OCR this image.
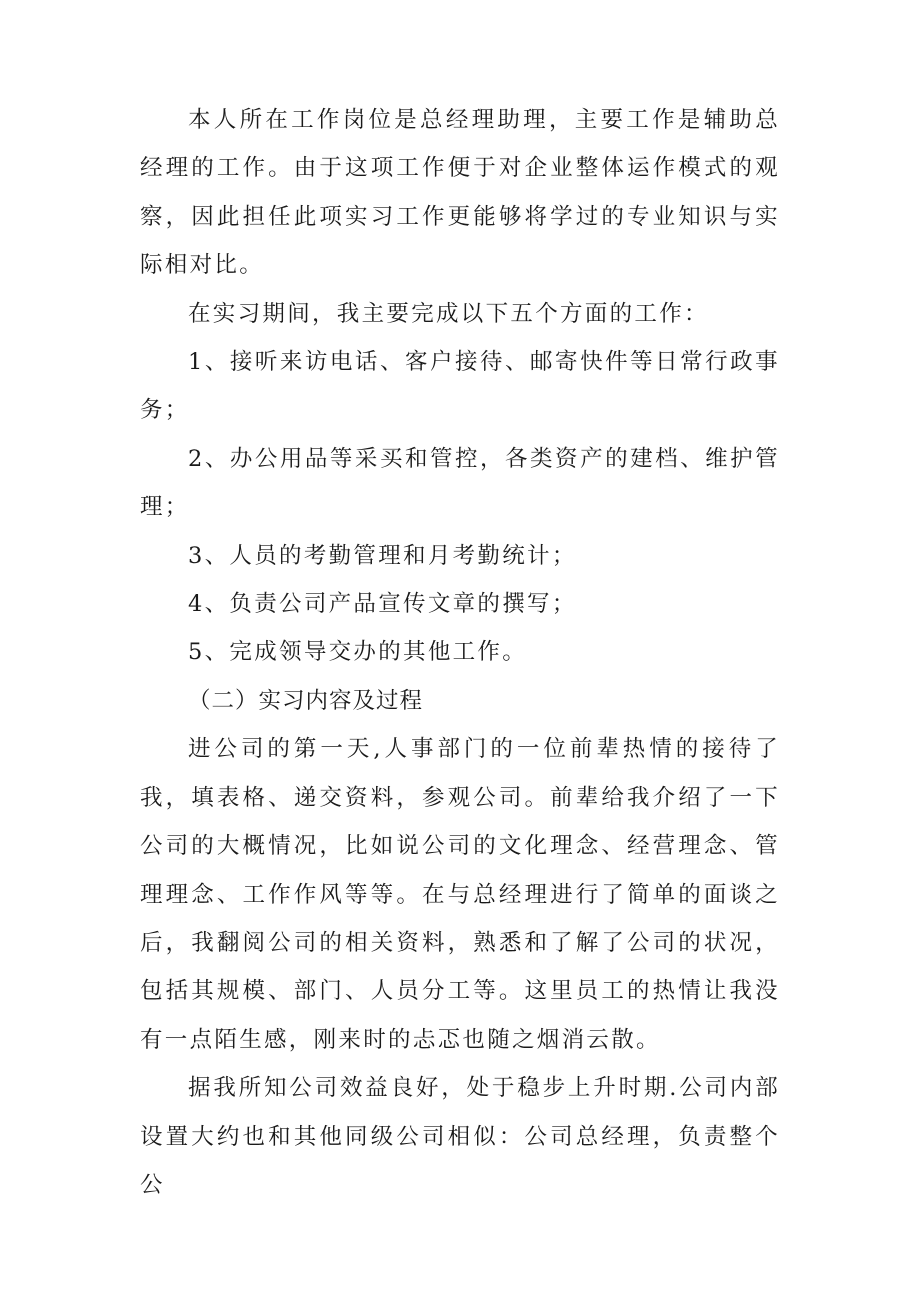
本人所在工作岗位是总经理助理，主要工作是辅助总经理的工作。由于这项工作便于对企业整体运作模式的观察，因此担任此项实习工作更能够将学过的专业知识与实际相对比。

在实习期间，我主要完成以下五个方面的工作：

1、接听来访电话、客户接待、邮寄快件等日常行政事务；

2、办公用品等采买和管控，各类资产的建档、维护管理；

3、人员的考勤管理和月考勤统计；

4、负责公司产品宣传文章的撰写；

5、完成领导交办的其他工作。

（二）实习内容及过程

进公司的第一天,人事部门的一位前辈热情的接待了我，填表格、递交资料，参观公司。前辈给我介绍了一下公司的大概情况，比如说公司的文化理念、经营理念、管理理念、工作作风等等。在与总经理进行了简单的面谈之后，我翻阅公司的相关资料，熟悉和了解了公司的状况，包括其规模、部门、人员分工等。这里员工的热情让我没有一点陌生感，刚来时的忐忑也随之烟消云散。

据我所知公司效益良好，处于稳步上升时期.公司内部设置大约也和其他同级公司相似：公司总经理，负责整个公
